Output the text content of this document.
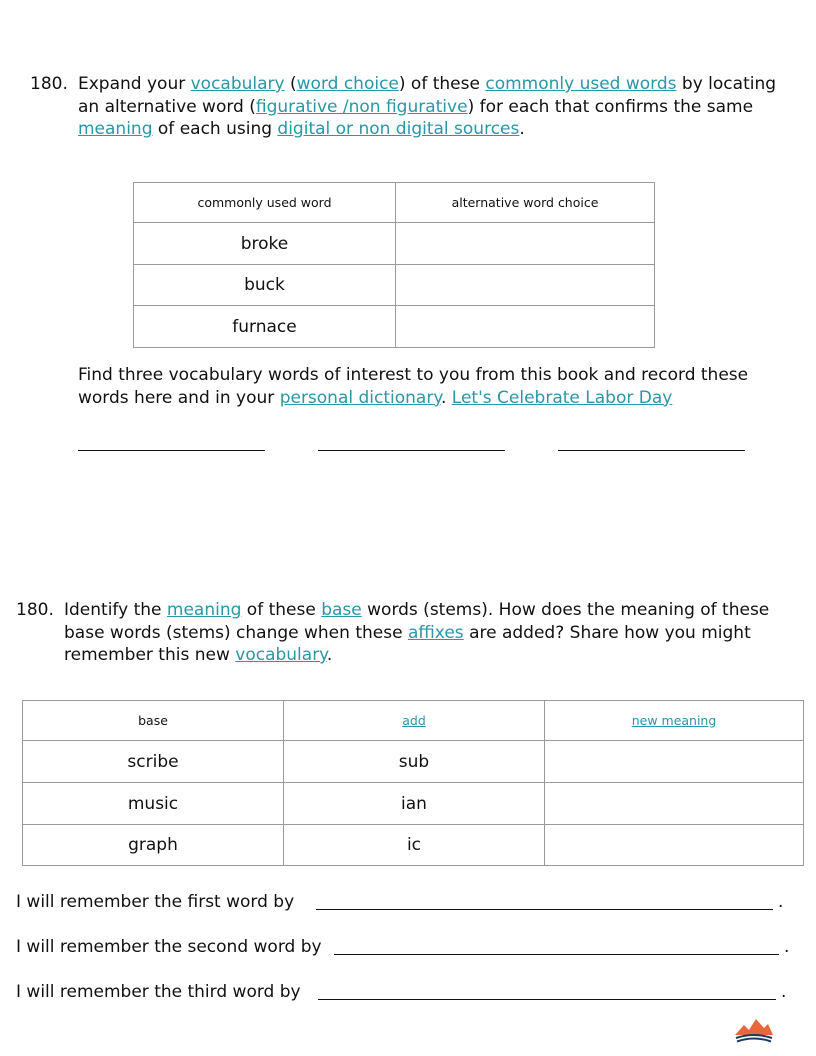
180. Expand your vocabulary (word choice) of these commonly used words by locating an alternative word (figurative /non figurative) for each that confirms the same meaning of each using digital or non digital sources.
commonly used word	alternative word choice
broke	
buck	
furnace	
Find three vocabulary words of interest to you from this book and record these words here and in your personal dictionary. Let's Celebrate Labor Day
180. Identify the meaning of these base words (stems). How does the meaning of these base words (stems) change when these affixes are added? Share how you might remember this new vocabulary.
base	add	new meaning
scribe	sub	
music	ian	
graph	ic	
I will remember the first word by	.
I will remember the second word by	.
I will remember the third word by	.
